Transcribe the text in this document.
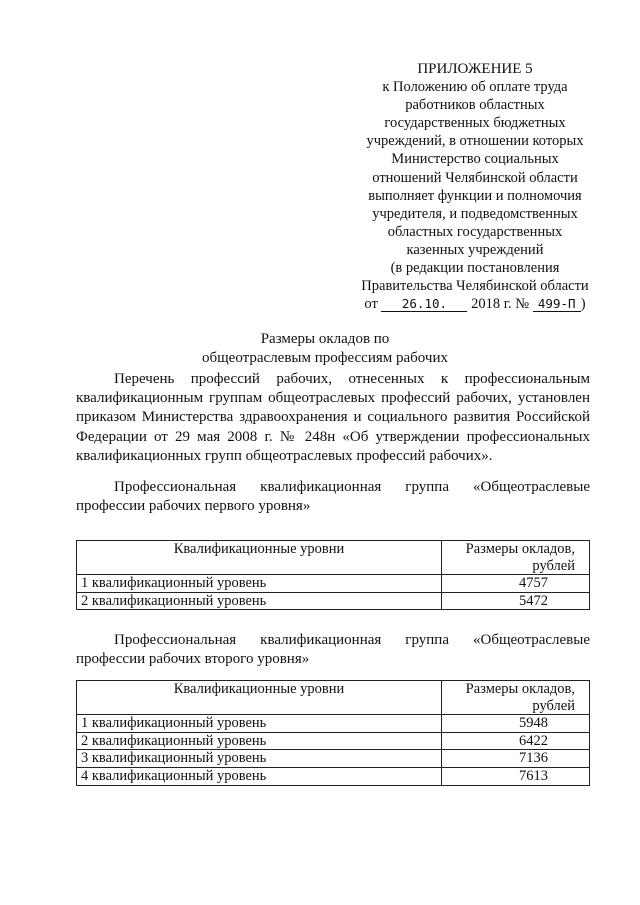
ПРИЛОЖЕНИЕ 5
к Положению об оплате труда
работников областных
государственных бюджетных
учреждений, в отношении которых
Министерство социальных
отношений Челябинской области
выполняет функции и полномочия
учредителя, и подведомственных
областных государственных
казенных учреждений
(в редакции постановления
Правительства Челябинской области
от 26.10. 2018 г. № 499-П )
Размеры окладов по
общеотраслевым профессиям рабочих
Перечень профессий рабочих, отнесенных к профессиональным
квалификационным группам общеотраслевых профессий рабочих, установлен
приказом Министерства здравоохранения и социального развития Российской
Федерации от 29 мая 2008 г. № 248н «Об утверждении профессиональных
квалификационных групп общеотраслевых профессий рабочих».
Профессиональная квалификационная группа «Общеотраслевые
профессии рабочих первого уровня»
Квалификационные уровни	Размеры окладов,
рублей
1 квалификационный уровень	4757
2 квалификационный уровень	5472
Профессиональная квалификационная группа «Общеотраслевые
профессии рабочих второго уровня»
Квалификационные уровни	Размеры окладов,
рублей
1 квалификационный уровень	5948
2 квалификационный уровень	6422
3 квалификационный уровень	7136
4 квалификационный уровень	7613
